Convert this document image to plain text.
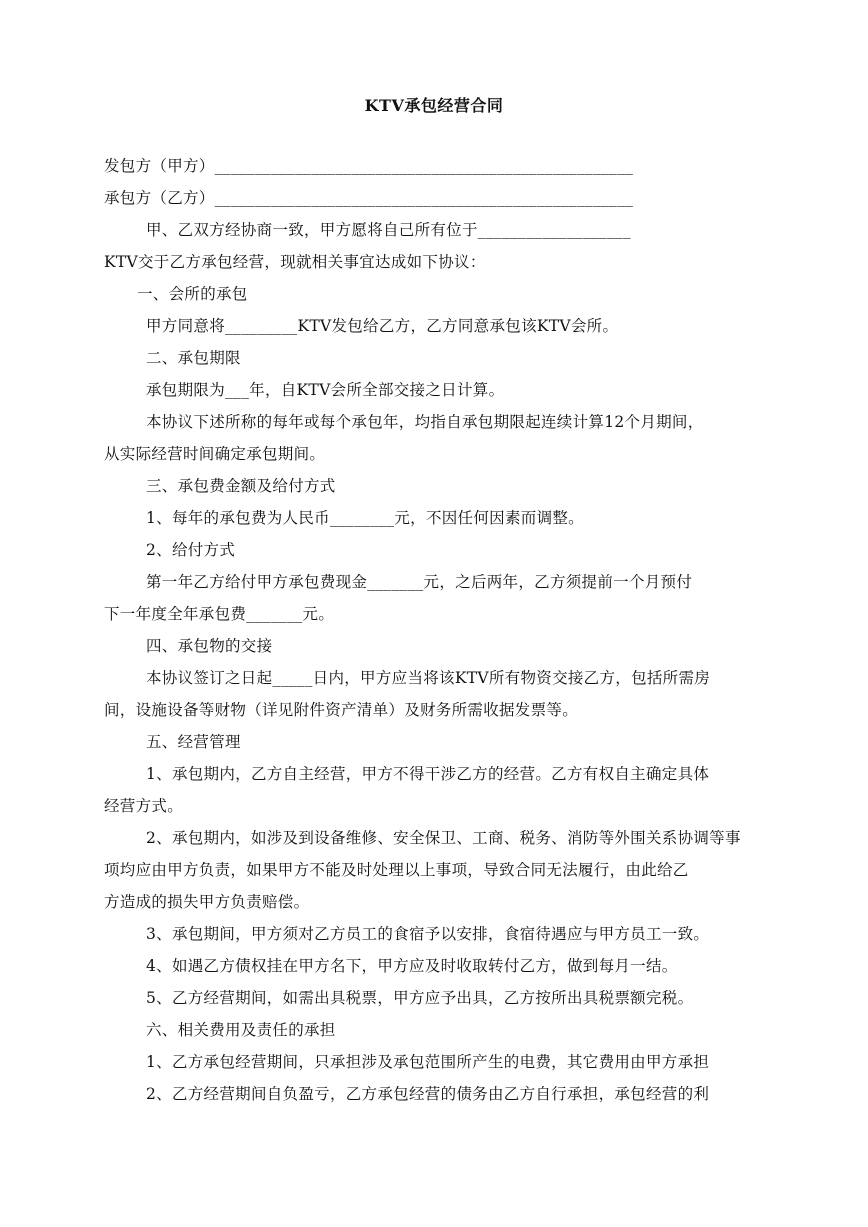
KTV承包经营合同
发包方（甲方）____________________________________________________
承包方（乙方）____________________________________________________
甲、乙双方经协商一致，甲方愿将自己所有位于___________________
KTV交于乙方承包经营，现就相关事宜达成如下协议：
一、会所的承包
甲方同意将_________KTV发包给乙方，乙方同意承包该KTV会所。
二、承包期限
承包期限为___年，自KTV会所全部交接之日计算。
本协议下述所称的每年或每个承包年，均指自承包期限起连续计算12个月期间，
从实际经营时间确定承包期间。
三、承包费金额及给付方式
1、每年的承包费为人民币________元，不因任何因素而调整。
2、给付方式
第一年乙方给付甲方承包费现金_______元，之后两年，乙方须提前一个月预付
下一年度全年承包费_______元。
四、承包物的交接
本协议签订之日起_____日内，甲方应当将该KTV所有物资交接乙方，包括所需房
间，设施设备等财物（详见附件资产清单）及财务所需收据发票等。
五、经营管理
1、承包期内，乙方自主经营，甲方不得干涉乙方的经营。乙方有权自主确定具体
经营方式。
2、承包期内，如涉及到设备维修、安全保卫、工商、税务、消防等外围关系协调等事
项均应由甲方负责，如果甲方不能及时处理以上事项，导致合同无法履行，由此给乙
方造成的损失甲方负责赔偿。
3、承包期间，甲方须对乙方员工的食宿予以安排，食宿待遇应与甲方员工一致。
4、如遇乙方债权挂在甲方名下，甲方应及时收取转付乙方，做到每月一结。
5、乙方经营期间，如需出具税票，甲方应予出具，乙方按所出具税票额完税。
六、相关费用及责任的承担
1、乙方承包经营期间，只承担涉及承包范围所产生的电费，其它费用由甲方承担
2、乙方经营期间自负盈亏，乙方承包经营的债务由乙方自行承担，承包经营的利
